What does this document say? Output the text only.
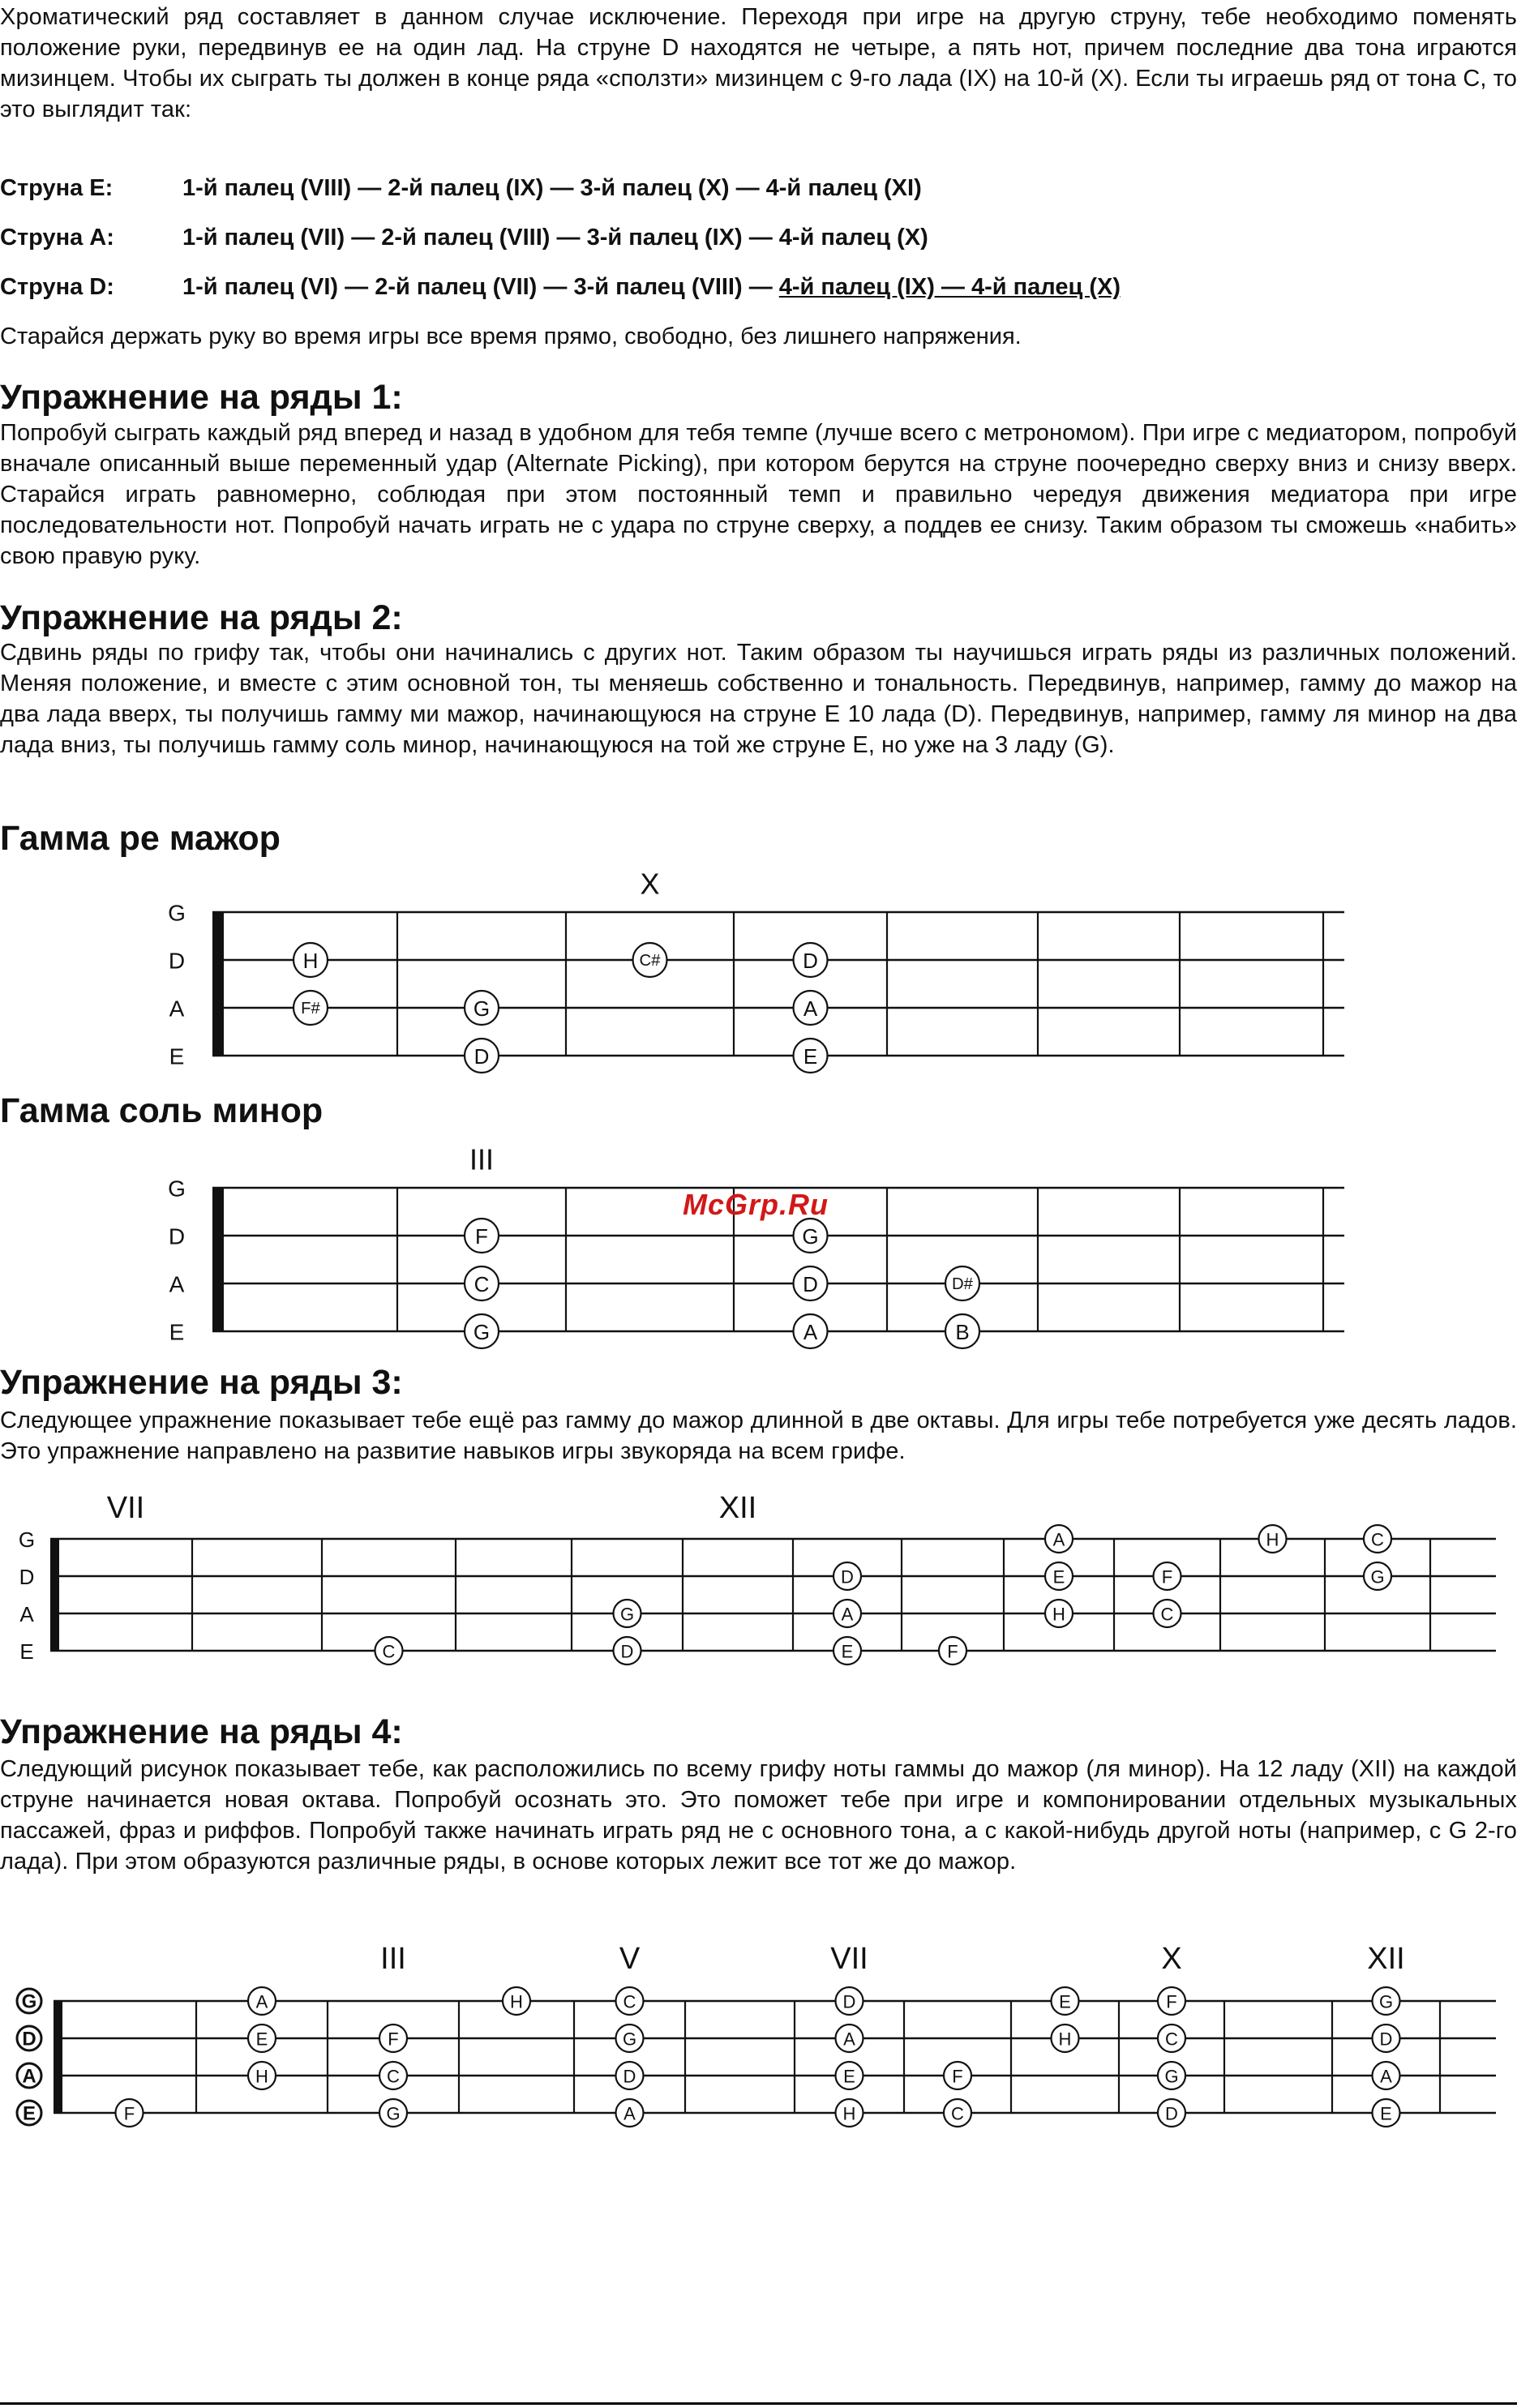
Хроматический ряд составляет в данном случае исключение. Переходя при игре на другую струну, тебе необходимо поменять положение руки, передвинув ее на один лад. На струне D находятся не четыре, а пять нот, причем последние два тона играются мизинцем. Чтобы их сыграть ты должен в конце ряда «сползти» мизинцем с 9-го лада (IX) на 10-й (X). Если ты играешь ряд от тона С, то это выглядит так:

Струна E:	1-й палец (VIII) — 2-й палец (IX) — 3-й палец (X) — 4-й палец (XI)
Струна A:	1-й палец (VII) — 2-й палец (VIII) — 3-й палец (IX) — 4-й палец (X)
Струна D:	1-й палец (VI) — 2-й палец (VII) — 3-й палец (VIII) — 4-й палец (IX) — 4-й палец (X)

Старайся держать руку во время игры все время прямо, свободно, без лишнего напряжения.

Упражнение на ряды 1:

Попробуй сыграть каждый ряд вперед и назад в удобном для тебя темпе (лучше всего с метрономом). При игре с медиатором, попробуй вначале описанный выше переменный удар (Alternate Picking), при котором берутся на струне поочередно сверху вниз и снизу вверх. Старайся играть равномерно, соблюдая при этом постоянный темп и правильно чередуя движения медиатора при игре последовательности нот. Попробуй начать играть не с удара по струне сверху, а поддев ее снизу. Таким образом ты сможешь «набить» свою правую руку.

Упражнение на ряды 2:

Сдвинь ряды по грифу так, чтобы они начинались с других нот. Таким образом ты научишься играть ряды из различных положений. Меняя положение, и вместе с этим основной тон, ты меняешь собственно и тональность. Передвинув, например, гамму до мажор на два лада вверх, ты получишь гамму ми мажор, начинающуюся на струне E 10 лада (D). Передвинув, например, гамму ля минор на два лада вниз, ты получишь гамму соль минор, начинающуюся на той же струне E, но уже на 3 ладу (G).

Гамма ре мажор
G
D
A
E
X
H
F#	G
D
C#	D
A
E
Гамма соль минор
G
D
A
E
III
F
C
G
G
D
A
D#
B
McGrp.Ru
Упражнение на ряды 3:

Следующее упражнение показывает тебе ещё раз гамму до мажор длинной в две октавы. Для игры тебе потребуется уже десять ладов. Это упражнение направлено на развитие навыков игры звукоряда на всем грифе.

G
D
A
E
VII	XII
C
G
D
D
A
E	F
A
E
H
F
C
H	C
G
Упражнение на ряды 4:

Следующий рисунок показывает тебе, как расположились по всему грифу ноты гаммы до мажор (ля минор). На 12 ладу (XII) на каждой струне начинается новая октава. Попробуй осознать это. Это поможет тебе при игре и компонировании отдельных музыкальных пассажей, фраз и риффов. Попробуй также начинать играть ряд не с основного тона, а с какой-нибудь другой ноты (например, с G 2-го лада). При этом образуются различные ряды, в основе которых лежит все тот же до мажор.

G
D
A
E
III	V	VII	X	XII
F
A
E
H
F
C
G
H	C
G
D
A
D
A
E
H
F
C
E
H
F
C
G
D
G
D
A
E
